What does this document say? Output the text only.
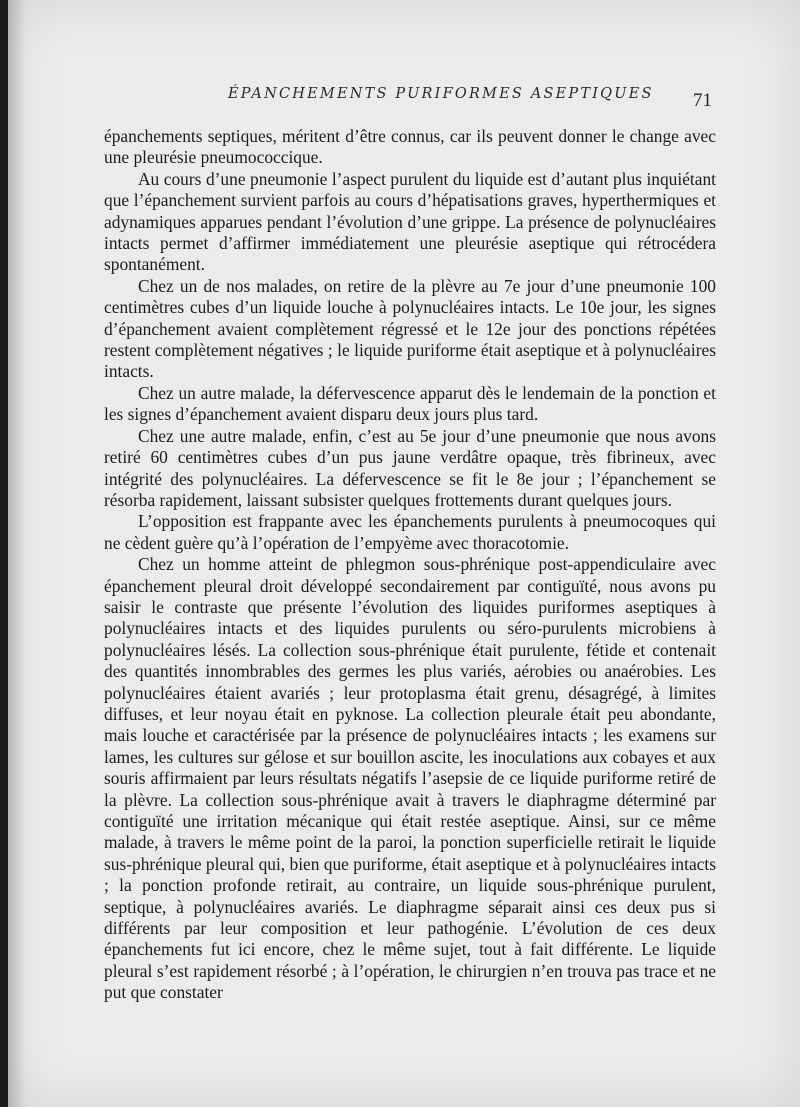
ÉPANCHEMENTS PURIFORMES ASEPTIQUES 71

épanchements septiques, méritent d’être connus, car ils peuvent donner le change avec une pleurésie pneumococcique.

Au cours d’une pneumonie l’aspect purulent du liquide est d’autant plus inquiétant que l’épanchement survient parfois au cours d’hépatisations graves, hyperthermiques et adynamiques apparues pendant l’évolution d’une grippe. La présence de polynucléaires intacts permet d’affirmer immédiatement une pleurésie aseptique qui rétrocédera spontanément.

Chez un de nos malades, on retire de la plèvre au 7e jour d’une pneumonie 100 centimètres cubes d’un liquide louche à polynucléaires intacts. Le 10e jour, les signes d’épanchement avaient complètement régressé et le 12e jour des ponctions répétées restent complètement négatives ; le liquide puriforme était aseptique et à polynucléaires intacts.

Chez un autre malade, la défervescence apparut dès le lendemain de la ponction et les signes d’épanchement avaient disparu deux jours plus tard.

Chez une autre malade, enfin, c’est au 5e jour d’une pneumonie que nous avons retiré 60 centimètres cubes d’un pus jaune verdâtre opaque, très fibrineux, avec intégrité des polynucléaires. La défervescence se fit le 8e jour ; l’épanchement se résorba rapidement, laissant subsister quelques frottements durant quelques jours.

L’opposition est frappante avec les épanchements purulents à pneumocoques qui ne cèdent guère qu’à l’opération de l’empyème avec thoracotomie.

Chez un homme atteint de phlegmon sous-phrénique post-appendiculaire avec épanchement pleural droit développé secondairement par contiguïté, nous avons pu saisir le contraste que présente l’évolution des liquides puriformes aseptiques à polynucléaires intacts et des liquides purulents ou séro-purulents microbiens à polynucléaires lésés. La collection sous-phrénique était purulente, fétide et contenait des quantités innombrables des germes les plus variés, aérobies ou anaérobies. Les polynucléaires étaient avariés ; leur protoplasma était grenu, désagrégé, à limites diffuses, et leur noyau était en pyknose. La collection pleurale était peu abondante, mais louche et caractérisée par la présence de polynucléaires intacts ; les examens sur lames, les cultures sur gélose et sur bouillon ascite, les inoculations aux cobayes et aux souris affirmaient par leurs résultats négatifs l’asepsie de ce liquide puriforme retiré de la plèvre. La collection sous-phrénique avait à travers le diaphragme déterminé par contiguïté une irritation mécanique qui était restée aseptique. Ainsi, sur ce même malade, à travers le même point de la paroi, la ponction superficielle retirait le liquide sus-phrénique pleural qui, bien que puriforme, était aseptique et à polynucléaires intacts ; la ponction profonde retirait, au contraire, un liquide sous-phrénique purulent, septique, à polynucléaires avariés. Le diaphragme séparait ainsi ces deux pus si différents par leur composition et leur pathogénie. L’évolution de ces deux épanchements fut ici encore, chez le même sujet, tout à fait différente. Le liquide pleural s’est rapidement résorbé ; à l’opération, le chirurgien n’en trouva pas trace et ne put que constater
